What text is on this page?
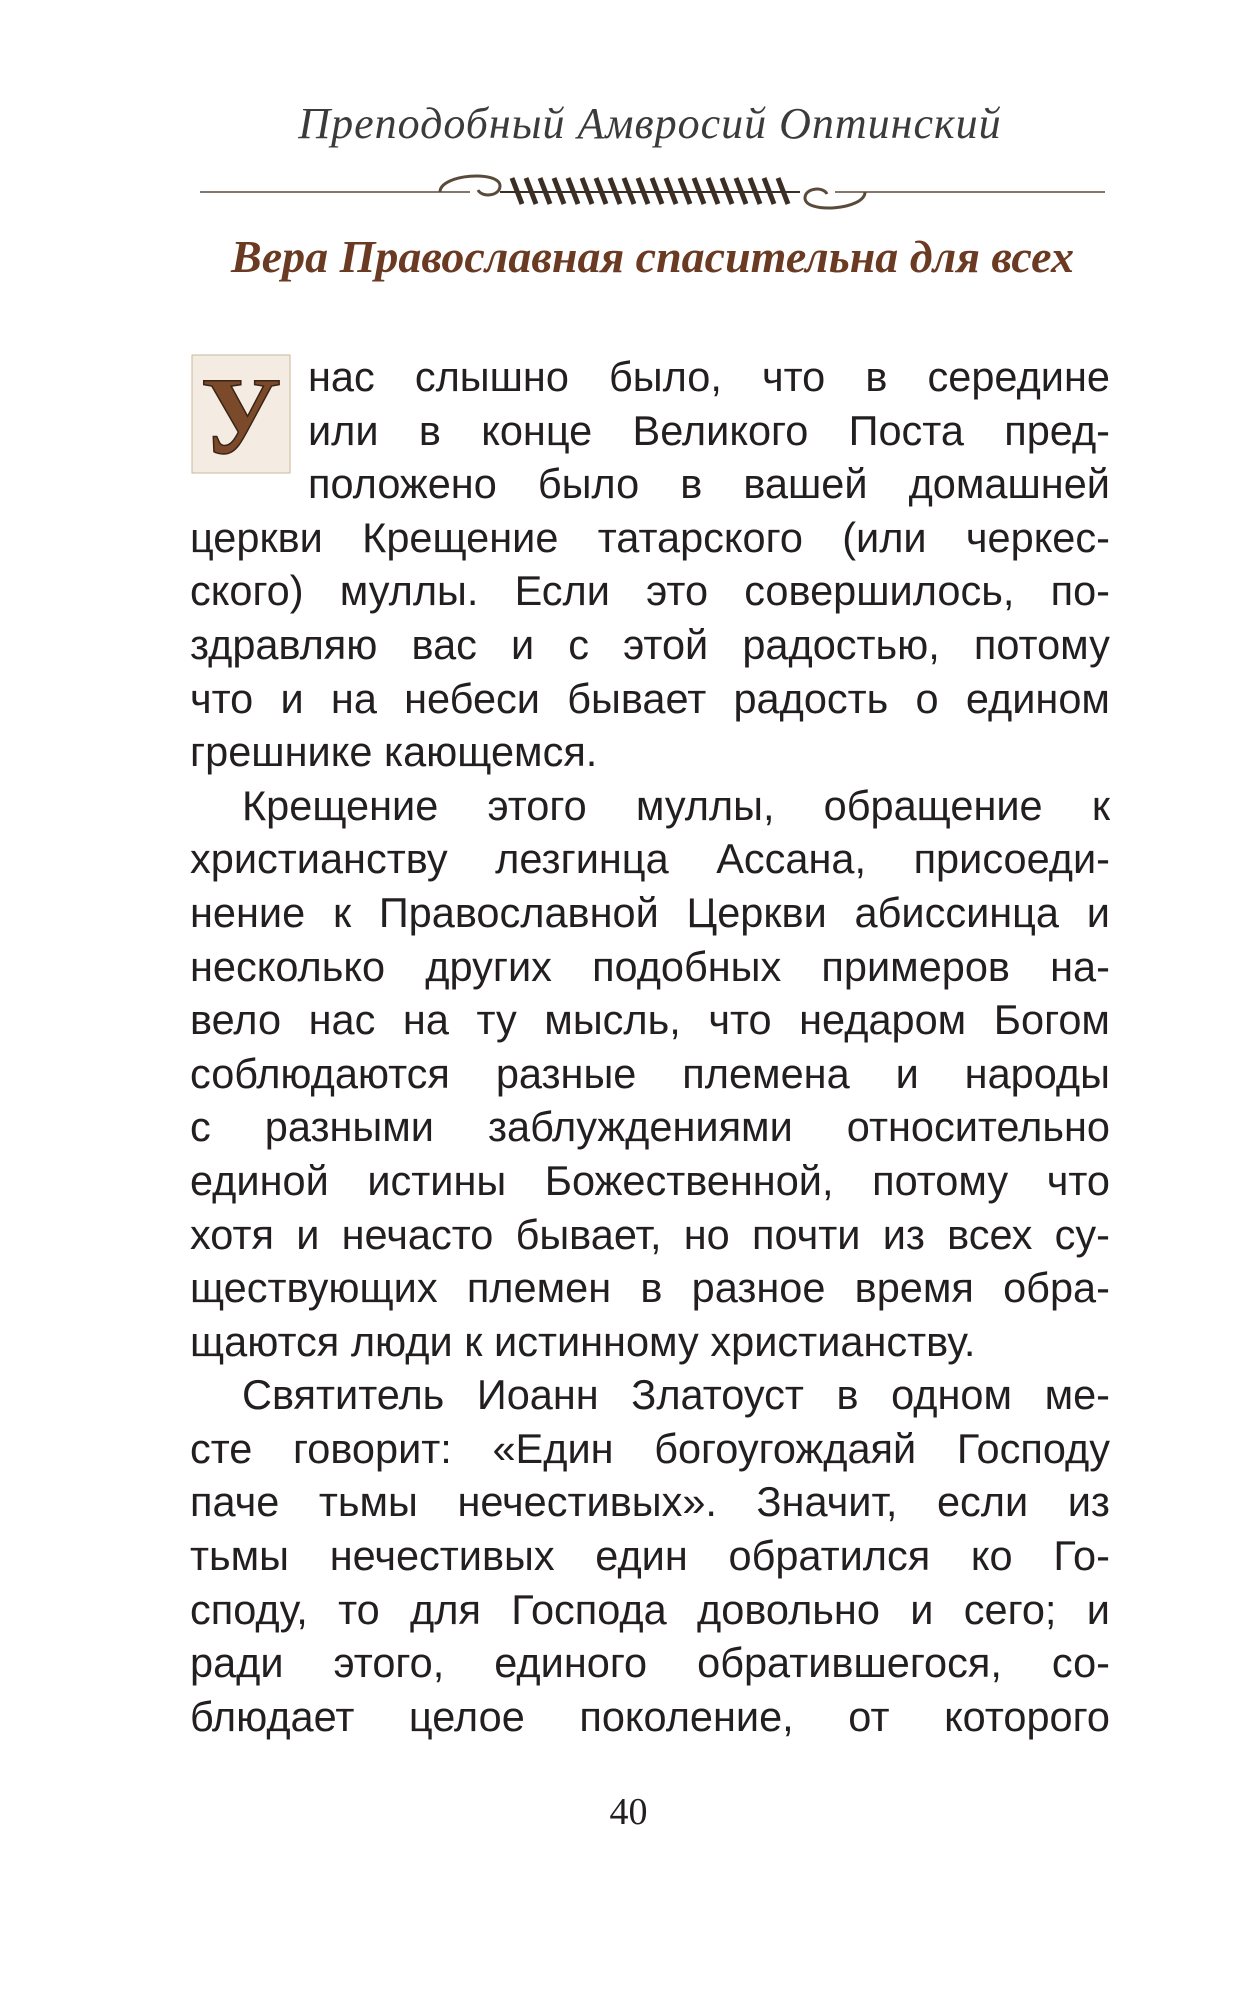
Преподобный Амвросий Оптинский
Вера Православная спасительна для всех
У нас слышно было, что в середине
или в конце Великого Поста пред-
положено было в вашей домашней
церкви Крещение татарского (или черкес-
ского) муллы. Если это совершилось, по-
здравляю вас и с этой радостью, потому
что и на небеси бывает радость о едином
грешнике кающемся.
Крещение этого муллы, обращение к
христианству лезгинца Ассана, присоеди-
нение к Православной Церкви абиссинца и
несколько других подобных примеров на-
вело нас на ту мысль, что недаром Богом
соблюдаются разные племена и народы
с разными заблуждениями относительно
единой истины Божественной, потому что
хотя и нечасто бывает, но почти из всех су-
ществующих племен в разное время обра-
щаются люди к истинному христианству.
Святитель Иоанн Златоуст в одном ме-
сте говорит: «Един богоугождаяй Господу
паче тьмы нечестивых». Значит, если из
тьмы нечестивых един обратился ко Го-
споду, то для Господа довольно и сего; и
ради этого, единого обратившегося, со-
блюдает целое поколение, от которого
40
